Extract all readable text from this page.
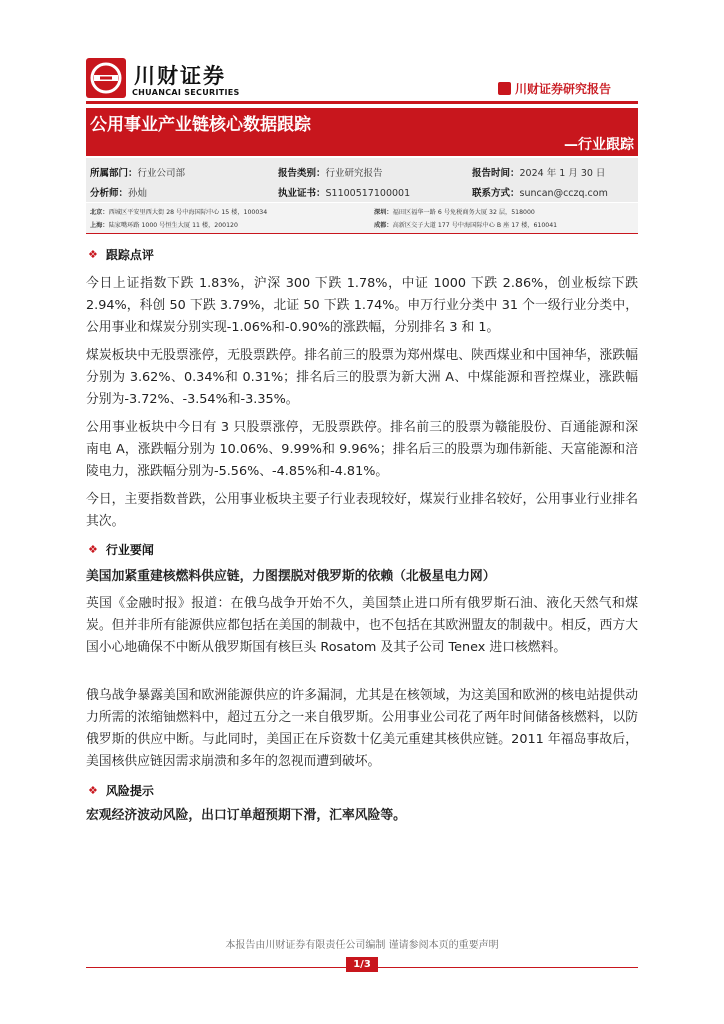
川财证券
CHUANCAI SECURITIES	川财证券研究报告
公用事业产业链核心数据跟踪
—行业跟踪
所属部门：行业公司部	报告类别：行业研究报告	报告时间：2024 年 1 月 30 日
分析师：孙灿	执业证书：S1100517100001	联系方式：suncan@cczq.com
北京：西城区平安里西大街 28 号中海国际中心 15 楼，100034	深圳：福田区福华一路 6 号免税商务大厦 32 层，518000
上海：陆家嘴环路 1000 号恒生大厦 11 楼，200120	成都：高新区交子大道 177 号中海国际中心 B 座 17 楼，610041
❖ 跟踪点评
今日上证指数下跌 1.83%，沪深 300 下跌 1.78%，中证 1000 下跌 2.86%，创业板综下跌 2.94%，科创 50 下跌 3.79%，北证 50 下跌 1.74%。申万行业分类中 31 个一级行业分类中，公用事业和煤炭分别实现-1.06%和-0.90%的涨跌幅，分别排名 3 和 1。
煤炭板块中无股票涨停，无股票跌停。排名前三的股票为郑州煤电、陕西煤业和中国神华，涨跌幅分别为 3.62%、0.34%和 0.31%；排名后三的股票为新大洲 A、中煤能源和晋控煤业，涨跌幅分别为-3.72%、-3.54%和-3.35%。
公用事业板块中今日有 3 只股票涨停，无股票跌停。排名前三的股票为赣能股份、百通能源和深南电 A，涨跌幅分别为 10.06%、9.99%和 9.96%；排名后三的股票为珈伟新能、天富能源和涪陵电力，涨跌幅分别为-5.56%、-4.85%和-4.81%。
今日，主要指数普跌，公用事业板块主要子行业表现较好，煤炭行业排名较好，公用事业行业排名其次。
❖ 行业要闻
美国加紧重建核燃料供应链，力图摆脱对俄罗斯的依赖（北极星电力网）
英国《金融时报》报道：在俄乌战争开始不久，美国禁止进口所有俄罗斯石油、液化天然气和煤炭。但并非所有能源供应都包括在美国的制裁中，也不包括在其欧洲盟友的制裁中。相反，西方大国小心地确保不中断从俄罗斯国有核巨头 Rosatom 及其子公司 Tenex 进口核燃料。
俄乌战争暴露美国和欧洲能源供应的许多漏洞，尤其是在核领域，为这美国和欧洲的核电站提供动力所需的浓缩铀燃料中，超过五分之一来自俄罗斯。公用事业公司花了两年时间储备核燃料，以防俄罗斯的供应中断。与此同时，美国正在斥资数十亿美元重建其核供应链。2011 年福岛事故后，美国核供应链因需求崩溃和多年的忽视而遭到破坏。
❖ 风险提示
宏观经济波动风险，出口订单超预期下滑，汇率风险等。
本报告由川财证券有限责任公司编制 谨请参阅本页的重要声明
1/3
